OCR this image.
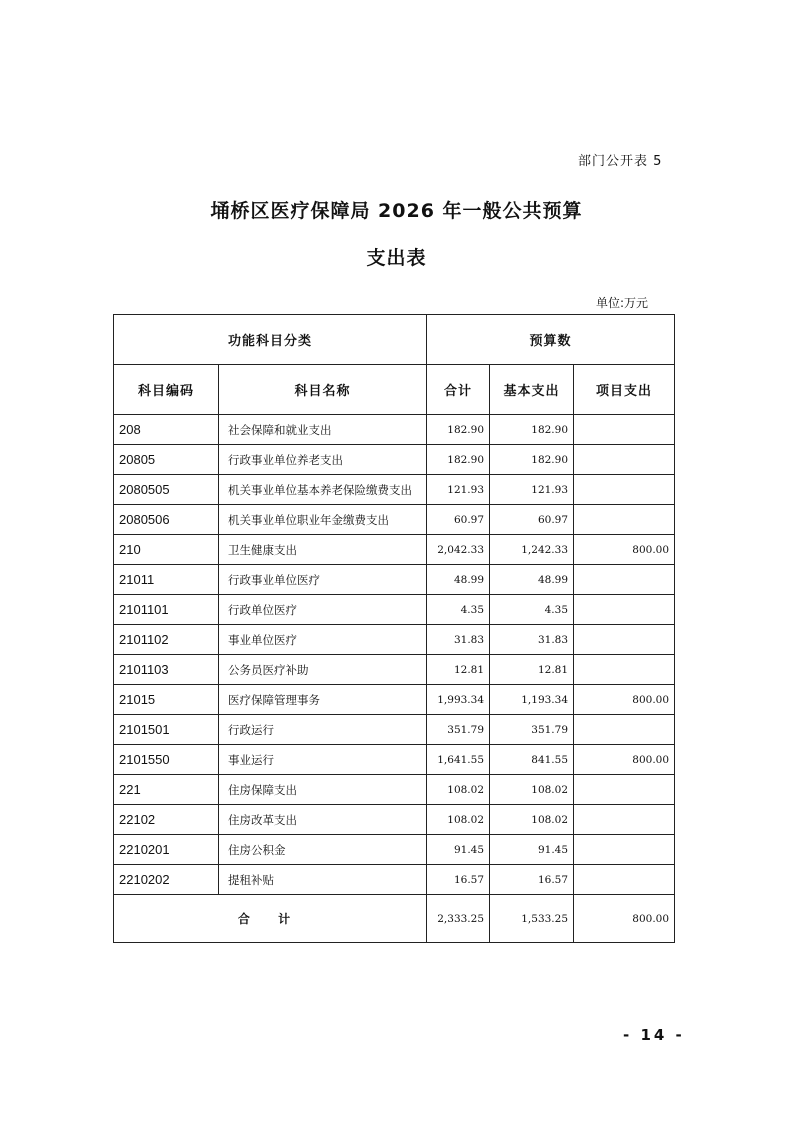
部门公开表 5
埇桥区医疗保障局 2026 年一般公共预算
支出表
单位:万元
功能科目分类		预算数		
科目编码	科目名称	合计	基本支出	项目支出
208	社会保障和就业支出	182.90	182.90	
20805	行政事业单位养老支出	182.90	182.90	
2080505	机关事业单位基本养老保险缴费支出	121.93	121.93	
2080506	机关事业单位职业年金缴费支出	60.97	60.97	
210	卫生健康支出	2,042.33	1,242.33	800.00
21011	行政事业单位医疗	48.99	48.99	
2101101	行政单位医疗	4.35	4.35	
2101102	事业单位医疗	31.83	31.83	
2101103	公务员医疗补助	12.81	12.81	
21015	医疗保障管理事务	1,993.34	1,193.34	800.00
2101501	行政运行	351.79	351.79	
2101550	事业运行	1,641.55	841.55	800.00
221	住房保障支出	108.02	108.02	
22102	住房改革支出	108.02	108.02	
2210201	住房公积金	91.45	91.45	
2210202	提租补贴	16.57	16.57	
合 计		2,333.25	1,533.25	800.00
- 14 -
